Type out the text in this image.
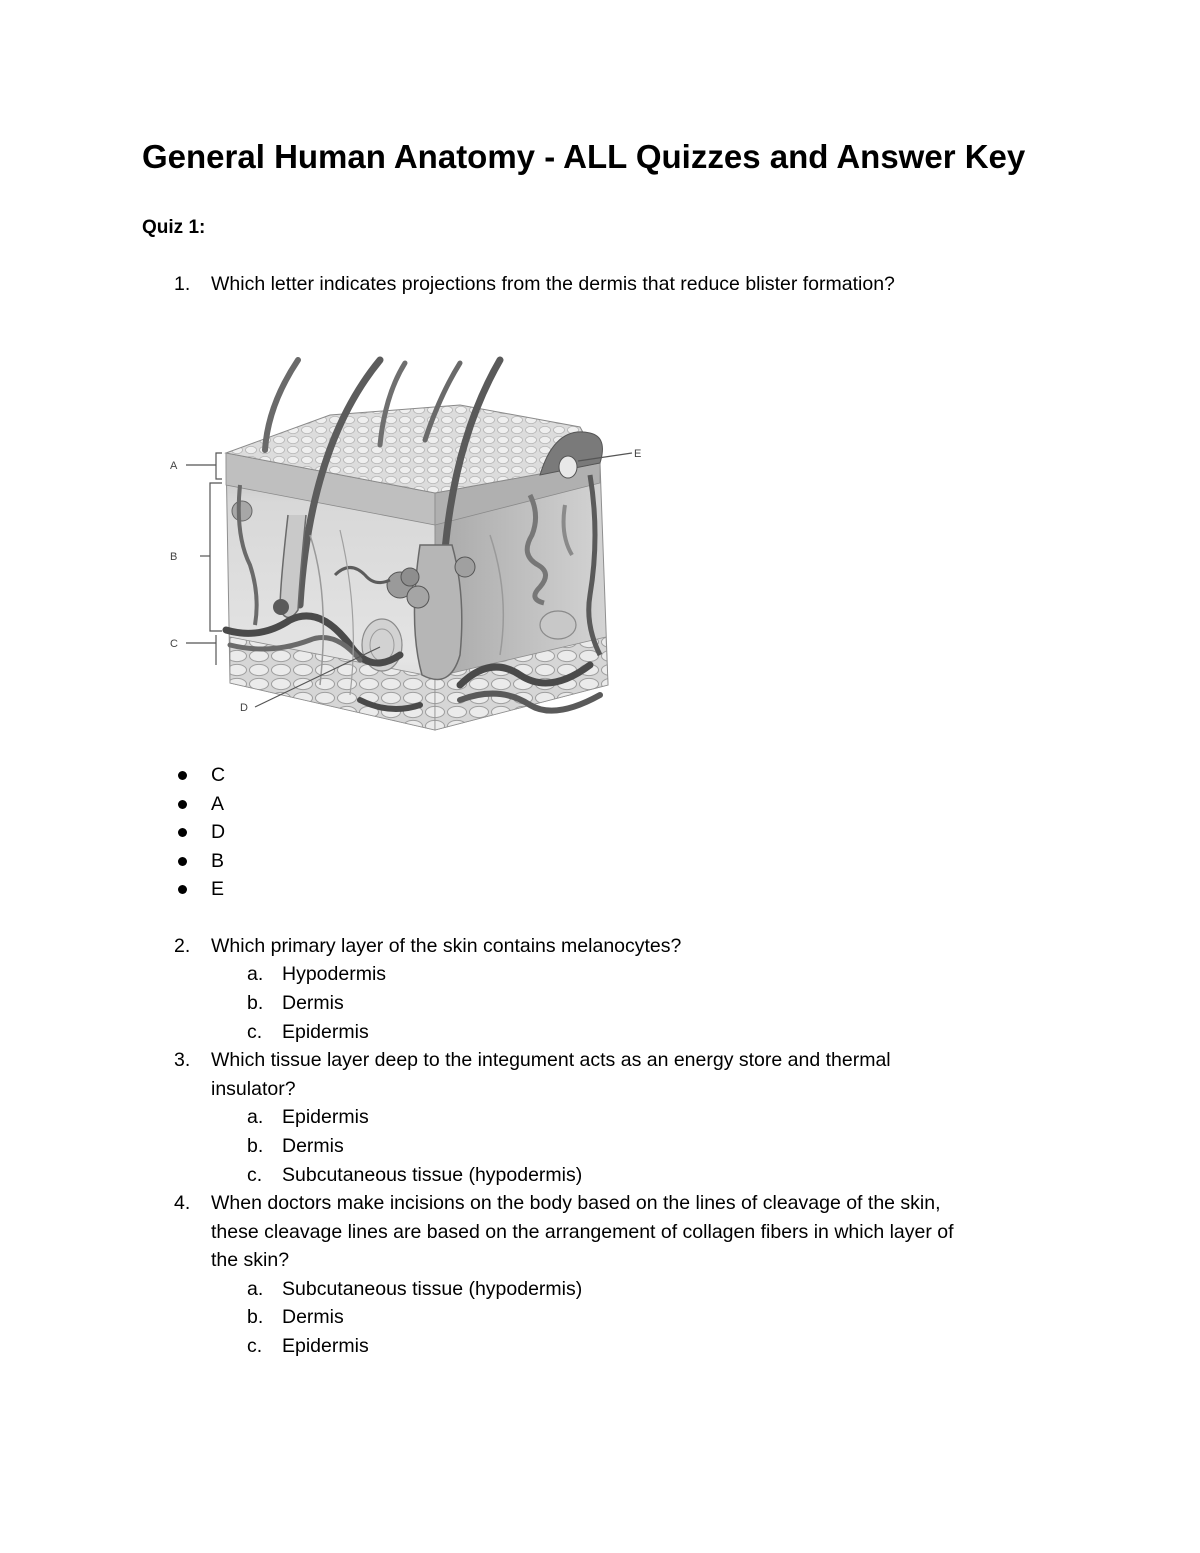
General Human Anatomy - ALL Quizzes and Answer Key
Quiz 1:
1.	Which letter indicates projections from the dermis that reduce blister formation?
A
B
C
D
E
C
A
D
B
E
2.	Which primary layer of the skin contains melanocytes?
a. Hypodermis
b. Dermis
c. Epidermis
3.	Which tissue layer deep to the integument acts as an energy store and thermal
insulator?
a. Epidermis
b. Dermis
c. Subcutaneous tissue (hypodermis)
4.	When doctors make incisions on the body based on the lines of cleavage of the skin,
these cleavage lines are based on the arrangement of collagen fibers in which layer of
the skin?
a. Subcutaneous tissue (hypodermis)
b. Dermis
c. Epidermis
